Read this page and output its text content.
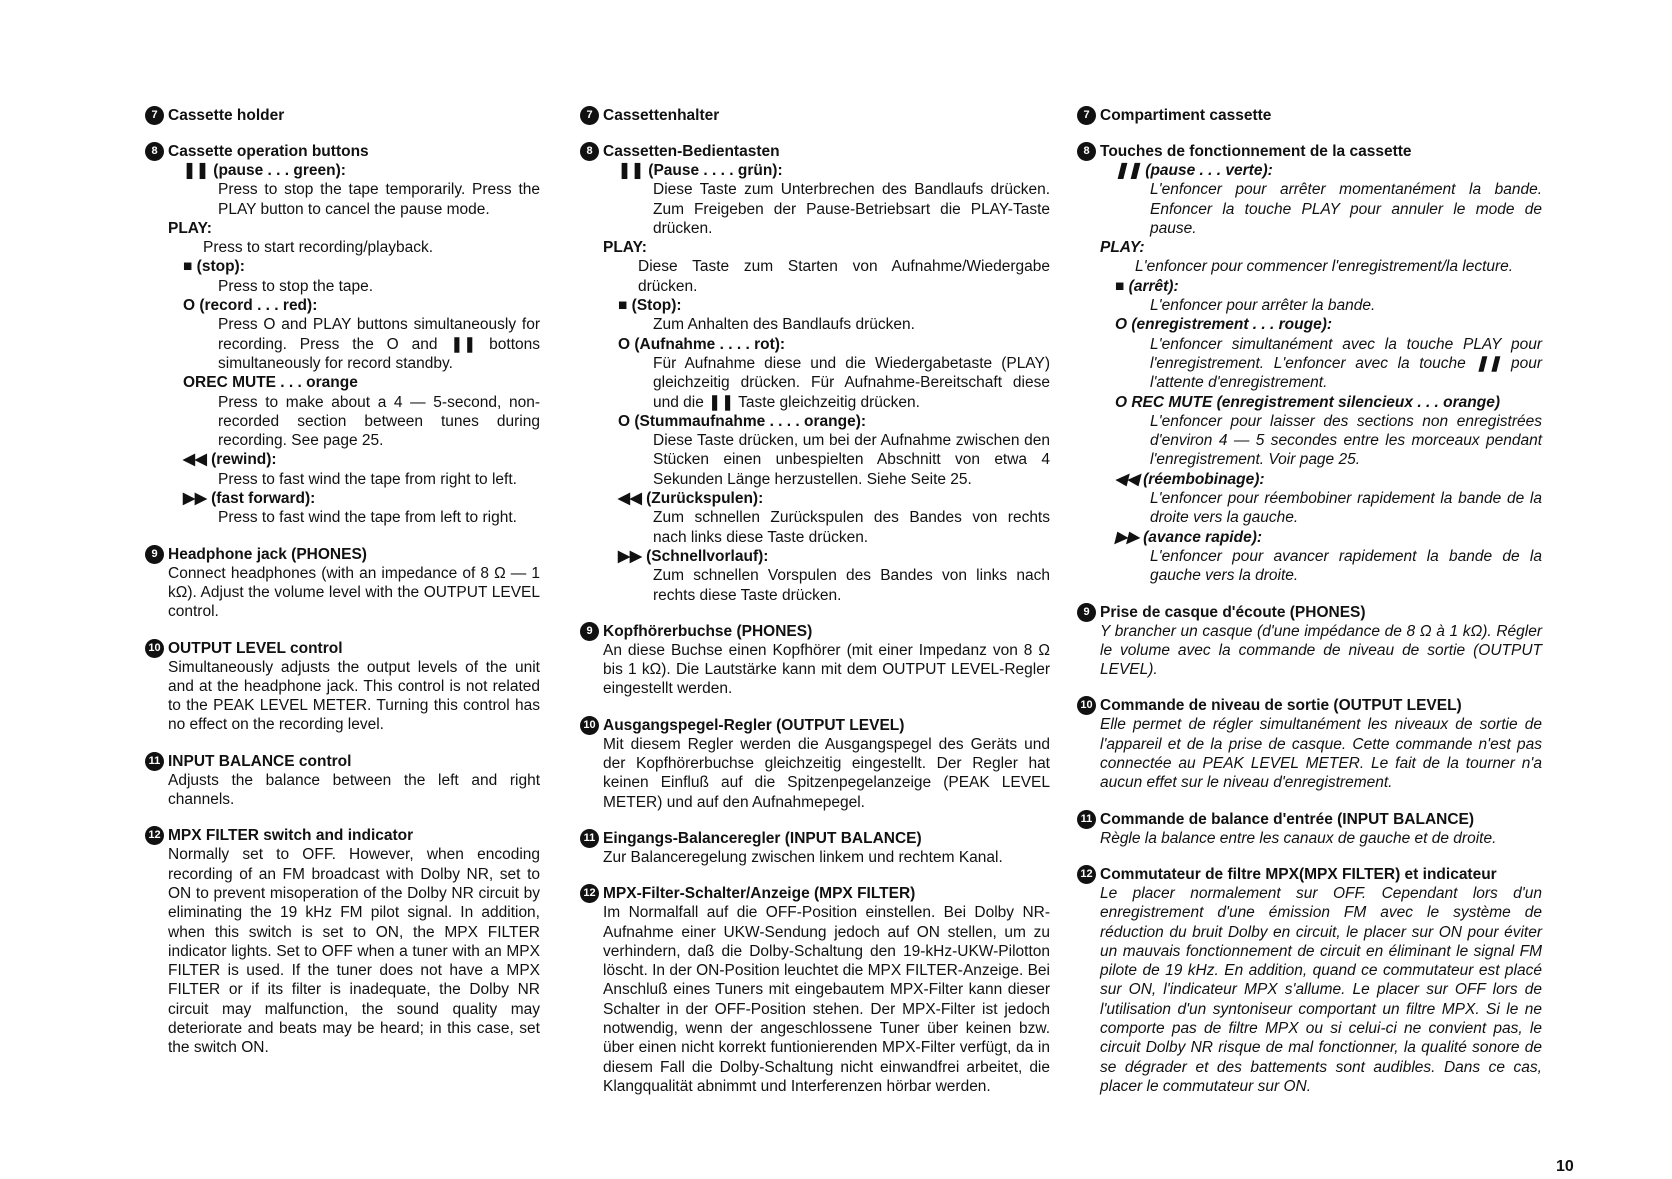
7 Cassette holder
8 Cassette operation buttons
❚❚ (pause . . . green):
Press to stop the tape temporarily. Press the PLAY button to cancel the pause mode.
PLAY:
Press to start recording/playback.
■ (stop):
Press to stop the tape.
O (record . . . red):
Press O and PLAY buttons simultaneously for recording. Press the O and ❚❚ bottons simultaneously for record standby.
OREC MUTE . . . orange
Press to make about a 4 — 5-second, non-recorded section between tunes during recording. See page 25.
◀◀ (rewind):
Press to fast wind the tape from right to left.
▶▶ (fast forward):
Press to fast wind the tape from left to right.
9 Headphone jack (PHONES)
Connect headphones (with an impedance of 8 Ω — 1 kΩ). Adjust the volume level with the OUTPUT LEVEL control.
10 OUTPUT LEVEL control
Simultaneously adjusts the output levels of the unit and at the headphone jack. This control is not related to the PEAK LEVEL METER. Turning this control has no effect on the recording level.
11 INPUT BALANCE control
Adjusts the balance between the left and right channels.
12 MPX FILTER switch and indicator
Normally set to OFF. However, when encoding recording of an FM broadcast with Dolby NR, set to ON to prevent misoperation of the Dolby NR circuit by eliminating the 19 kHz FM pilot signal. In addition, when this switch is set to ON, the MPX FILTER indicator lights. Set to OFF when a tuner with an MPX FILTER is used. If the tuner does not have a MPX FILTER or if its filter is inadequate, the Dolby NR circuit may malfunction, the sound quality may deteriorate and beats may be heard; in this case, set the switch ON.
7 Cassettenhalter
8 Cassetten-Bedientasten
❚❚ (Pause . . . . grün):
Diese Taste zum Unterbrechen des Bandlaufs drücken. Zum Freigeben der Pause-Betriebsart die PLAY-Taste drücken.
PLAY:
Diese Taste zum Starten von Aufnahme/Wiedergabe drücken.
■ (Stop):
Zum Anhalten des Bandlaufs drücken.
O (Aufnahme . . . . rot):
Für Aufnahme diese und die Wiedergabetaste (PLAY) gleichzeitig drücken. Für Aufnahme-Bereitschaft diese und die ❚❚ Taste gleichzeitig drücken.
O (Stummaufnahme . . . . orange):
Diese Taste drücken, um bei der Aufnahme zwischen den Stücken einen unbespielten Abschnitt von etwa 4 Sekunden Länge herzustellen. Siehe Seite 25.
◀◀ (Zurückspulen):
Zum schnellen Zurückspulen des Bandes von rechts nach links diese Taste drücken.
▶▶ (Schnellvorlauf):
Zum schnellen Vorspulen des Bandes von links nach rechts diese Taste drücken.
9 Kopfhörerbuchse (PHONES)
An diese Buchse einen Kopfhörer (mit einer Impedanz von 8 Ω bis 1 kΩ). Die Lautstärke kann mit dem OUTPUT LEVEL-Regler eingestellt werden.
10 Ausgangspegel-Regler (OUTPUT LEVEL)
Mit diesem Regler werden die Ausgangspegel des Geräts und der Kopfhörerbuchse gleichzeitig eingestellt. Der Regler hat keinen Einfluß auf die Spitzenpegelanzeige (PEAK LEVEL METER) und auf den Aufnahmepegel.
11 Eingangs-Balanceregler (INPUT BALANCE)
Zur Balanceregelung zwischen linkem und rechtem Kanal.
12 MPX-Filter-Schalter/Anzeige (MPX FILTER)
Im Normalfall auf die OFF-Position einstellen. Bei Dolby NR-Aufnahme einer UKW-Sendung jedoch auf ON stellen, um zu verhindern, daß die Dolby-Schaltung den 19-kHz-UKW-Pilotton löscht. In der ON-Position leuchtet die MPX FILTER-Anzeige. Bei Anschluß eines Tuners mit eingebautem MPX-Filter kann dieser Schalter in der OFF-Position stehen. Der MPX-Filter ist jedoch notwendig, wenn der angeschlossene Tuner über keinen bzw. über einen nicht korrekt funtionierenden MPX-Filter verfügt, da in diesem Fall die Dolby-Schaltung nicht einwandfrei arbeitet, die Klangqualität abnimmt und Interferenzen hörbar werden.
7 Compartiment cassette
8 Touches de fonctionnement de la cassette
❚❚ (pause . . . verte):
L'enfoncer pour arrêter momentanément la bande. Enfoncer la touche PLAY pour annuler le mode de pause.
PLAY:
L'enfoncer pour commencer l'enregistrement/la lecture.
■ (arrêt):
L'enfoncer pour arrêter la bande.
O (enregistrement . . . rouge):
L'enfoncer simultanément avec la touche PLAY pour l'enregistrement. L'enfoncer avec la touche ❚❚ pour l'attente d'enregistrement.
O REC MUTE (enregistrement silencieux . . . orange)
L'enfoncer pour laisser des sections non enregistrées d'environ 4 — 5 secondes entre les morceaux pendant l'enregistrement. Voir page 25.
◀◀ (réembobinage):
L'enfoncer pour réembobiner rapidement la bande de la droite vers la gauche.
▶▶ (avance rapide):
L'enfoncer pour avancer rapidement la bande de la gauche vers la droite.
9 Prise de casque d'écoute (PHONES)
Y brancher un casque (d'une impédance de 8 Ω à 1 kΩ). Régler le volume avec la commande de niveau de sortie (OUTPUT LEVEL).
10 Commande de niveau de sortie (OUTPUT LEVEL)
Elle permet de régler simultanément les niveaux de sortie de l'appareil et de la prise de casque. Cette commande n'est pas connectée au PEAK LEVEL METER. Le fait de la tourner n'a aucun effet sur le niveau d'enregistrement.
11 Commande de balance d'entrée (INPUT BALANCE)
Règle la balance entre les canaux de gauche et de droite.
12 Commutateur de filtre MPX(MPX FILTER) et indicateur
Le placer normalement sur OFF. Cependant lors d'un enregistrement d'une émission FM avec le système de réduction du bruit Dolby en circuit, le placer sur ON pour éviter un mauvais fonctionnement de circuit en éliminant le signal FM pilote de 19 kHz. En addition, quand ce commutateur est placé sur ON, l'indicateur MPX s'allume. Le placer sur OFF lors de l'utilisation d'un syntoniseur comportant un filtre MPX. Si le ne comporte pas de filtre MPX ou si celui-ci ne convient pas, le circuit Dolby NR risque de mal fonctionner, la qualité sonore de se dégrader et des battements sont audibles. Dans ce cas, placer le commutateur sur ON.
10
